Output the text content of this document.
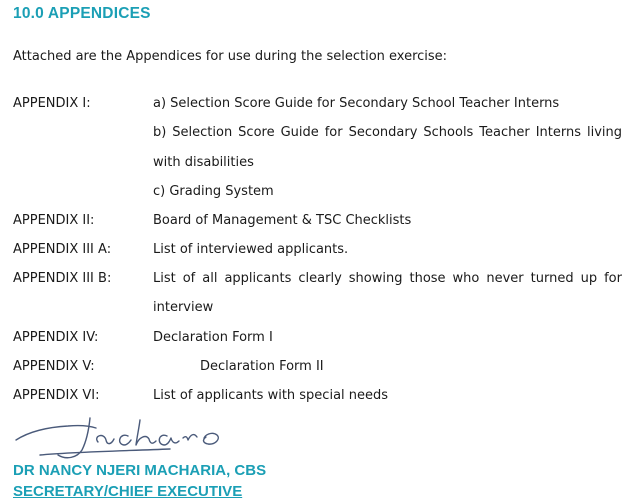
10.0 APPENDICES
Attached are the Appendices for use during the selection exercise:
APPENDIX I:	a) Selection Score Guide for Secondary School Teacher Interns
b) Selection Score Guide for Secondary Schools Teacher Interns living
with disabilities
c) Grading System
APPENDIX II:	Board of Management & TSC Checklists
APPENDIX III A:	List of interviewed applicants.
APPENDIX III B:	List of all applicants clearly showing those who never turned up for
interview
APPENDIX IV:	Declaration Form I
APPENDIX V:	Declaration Form II
APPENDIX VI:	List of applicants with special needs
DR NANCY NJERI MACHARIA, CBS
SECRETARY/CHIEF EXECUTIVE
